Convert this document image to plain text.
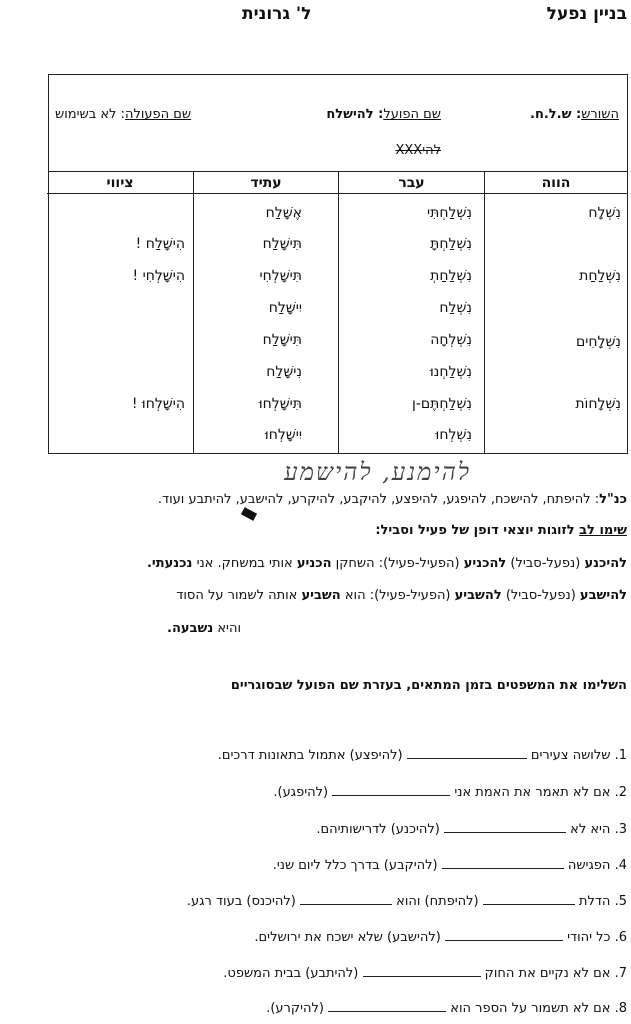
בניין נפעל
ל' גרונית
השורש: ש.ל.ח.
שם הפועל: להישלח
שם הפעולה: לא בשימוש
להיXXX
הווה
נִשְׁלָח
נִשְׁלַחַת
נִשְׁלָחִים
נִשְׁלָחוֹת
עבר
נִשְׁלַחְתִּי
נִשְׁלַחְתָּ
נִשְׁלַחַתְ
נִשְׁלַח
נִשְׁלְחָה
נִשְׁלַחְנוּ
נִשְׁלַחְתֶּם-ן
נִשְׁלְחוּ
עתיד
אֶשָּׁלַח
תִּישָּׁלַח
תִּישָּׁלְחִי
יִישָּׁלַח
תִּישָּׁלַח
נִישָּׁלַח
תִּישָּׁלְחוּ
יִישָּׁלְחוּ
ציווי
הִישָּׁלַח !
הִישָּׁלְחִי !
הִישָּׁלְחוּ !
להימנע, להישמע
כנ"ל: להיפתח, להישכח, להיפגע, להיפצע, להיקבע, להיקרע, להישבע, להיתבע ועוד.
שימו לב לזוגות יוצאי דופן של פעיל וסביל:
להיכנע (נפעל-סביל) להכניע (הפעיל-פעיל): השחקן הכניע אותי במשחק. אני נכנעתי.
להישבע (נפעל-סביל) להשביע (הפעיל-פעיל): הוא השביע אותה לשמור על הסוד
והיא נשבעה.
השלימו את המשפטים בזמן המתאים, בעזרת שם הפועל שבסוגריים
1. שלושה צעירים  (להיפצע) אתמול בתאונות דרכים.
2. אם לא תאמר את האמת אני  (להיפגע).
3. היא לא  (להיכנע) לדרישותיהם.
4. הפגישה  (להיקבע) בדרך כלל ליום שני.
5. הדלת  (להיפתח) והוא  (להיכנס) בעוד רגע.
6. כל יהודי  (להישבע) שלא ישכח את ירושלים.
7. אם לא נקיים את החוק  (להיתבע) בבית המשפט.
8. אם לא תשמור על הספר הוא  (להיקרע).
